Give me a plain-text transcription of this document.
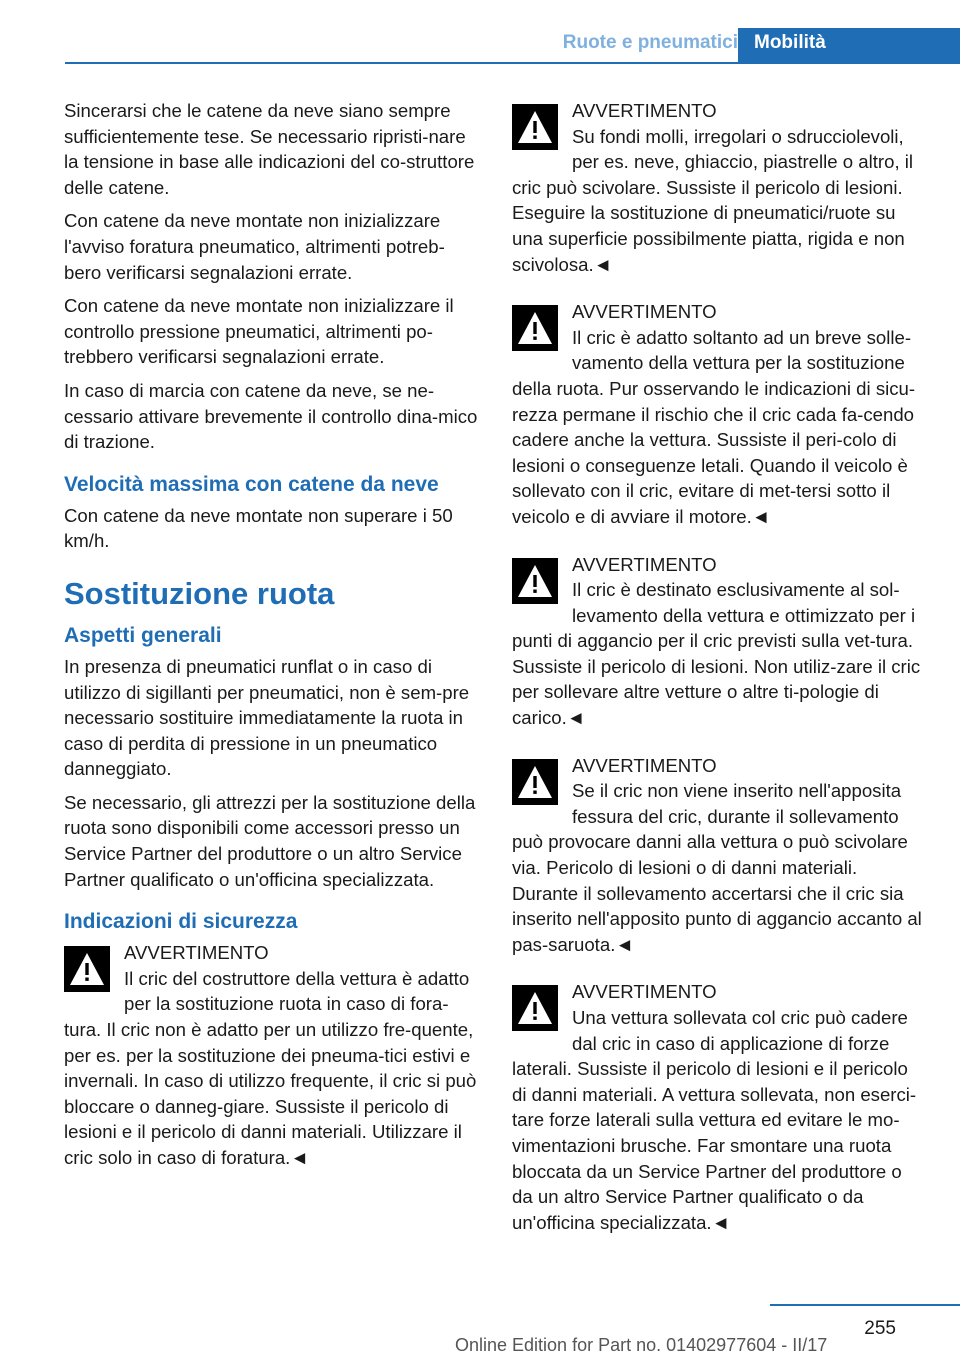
Ruote e pneumatici Mobilità

Sincerarsi che le catene da neve siano sempre sufficientemente tese. Se necessario ripristi‐nare la tensione in base alle indicazioni del co‐struttore delle catene.

Con catene da neve montate non inizializzare l'avviso foratura pneumatico, altrimenti potreb‐bero verificarsi segnalazioni errate.

Con catene da neve montate non inizializzare il controllo pressione pneumatici, altrimenti po‐trebbero verificarsi segnalazioni errate.

In caso di marcia con catene da neve, se ne‐cessario attivare brevemente il controllo dina‐mico di trazione.

Velocità massima con catene da neve

Con catene da neve montate non superare i 50 km/h.

Sostituzione ruota
Aspetti generali

In presenza di pneumatici runflat o in caso di utilizzo di sigillanti per pneumatici, non è sem‐pre necessario sostituire immediatamente la ruota in caso di perdita di pressione in un pneumatico danneggiato.

Se necessario, gli attrezzi per la sostituzione della ruota sono disponibili come accessori presso un Service Partner del produttore o un altro Service Partner qualificato o un'officina specializzata.

Indicazioni di sicurezza
AVVERTIMENTO
Il cric del costruttore della vettura è adatto per la sostituzione ruota in caso di fora‐tura. Il cric non è adatto per un utilizzo fre‐quente, per es. per la sostituzione dei pneuma‐tici estivi e invernali. In caso di utilizzo frequente, il cric si può bloccare o danneg‐giare. Sussiste il pericolo di lesioni e il pericolo di danni materiali. Utilizzare il cric solo in caso di foratura.◄
AVVERTIMENTO
Su fondi molli, irregolari o sdrucciolevoli, per es. neve, ghiaccio, piastrelle o altro, il cric può scivolare. Sussiste il pericolo di lesioni. Eseguire la sostituzione di pneumatici/ruote su una superficie possibilmente piatta, rigida e non scivolosa.◄
AVVERTIMENTO
Il cric è adatto soltanto ad un breve solle‐vamento della vettura per la sostituzione della ruota. Pur osservando le indicazioni di sicu‐rezza permane il rischio che il cric cada fa‐cendo cadere anche la vettura. Sussiste il peri‐colo di lesioni o conseguenze letali. Quando il veicolo è sollevato con il cric, evitare di met‐tersi sotto il veicolo e di avviare il motore.◄
AVVERTIMENTO
Il cric è destinato esclusivamente al sol‐levamento della vettura e ottimizzato per i punti di aggancio per il cric previsti sulla vet‐tura. Sussiste il pericolo di lesioni. Non utiliz‐zare il cric per sollevare altre vetture o altre ti‐pologie di carico.◄
AVVERTIMENTO
Se il cric non viene inserito nell'apposita fessura del cric, durante il sollevamento può provocare danni alla vettura o può scivolare via. Pericolo di lesioni o di danni materiali. Durante il sollevamento accertarsi che il cric sia inserito nell'apposito punto di aggancio accanto al pas‐saruota.◄
AVVERTIMENTO
Una vettura sollevata col cric può cadere dal cric in caso di applicazione di forze laterali. Sussiste il pericolo di lesioni e il pericolo di danni materiali. A vettura sollevata, non eserci‐tare forze laterali sulla vettura ed evitare le mo‐vimentazioni brusche. Far smontare una ruota bloccata da un Service Partner del produttore o da un altro Service Partner qualificato o da un'officina specializzata.◄
255
Online Edition for Part no. 01402977604 - II/17
